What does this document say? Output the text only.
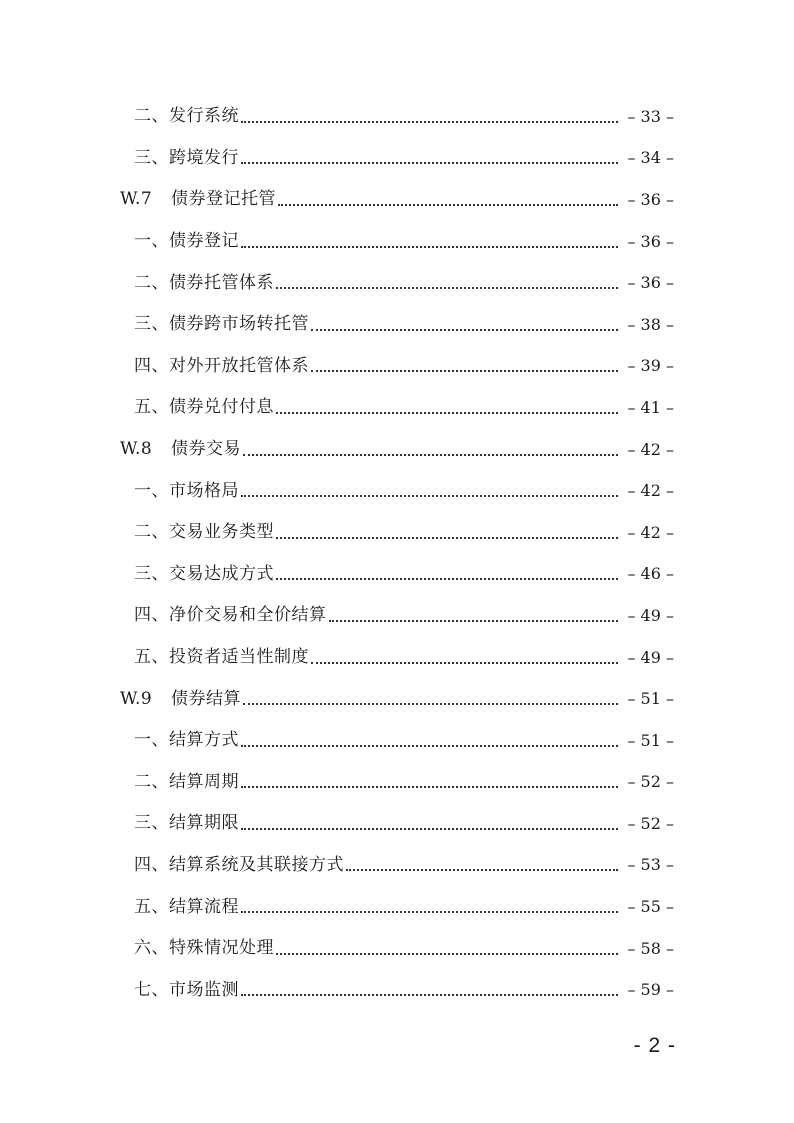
二、发行系统	– 33 –
三、跨境发行	– 34 –
W.7 债券登记托管	– 36 –
一、债券登记	– 36 –
二、债券托管体系	– 36 –
三、债券跨市场转托管	– 38 –
四、对外开放托管体系	– 39 –
五、债券兑付付息	– 41 –
W.8 债券交易	– 42 –
一、市场格局	– 42 –
二、交易业务类型	– 42 –
三、交易达成方式	– 46 –
四、净价交易和全价结算	– 49 –
五、投资者适当性制度	– 49 –
W.9 债券结算	– 51 –
一、结算方式	– 51 –
二、结算周期	– 52 –
三、结算期限	– 52 –
四、结算系统及其联接方式	– 53 –
五、结算流程	– 55 –
六、特殊情况处理	– 58 –
七、市场监测	– 59 –
- 2 -
